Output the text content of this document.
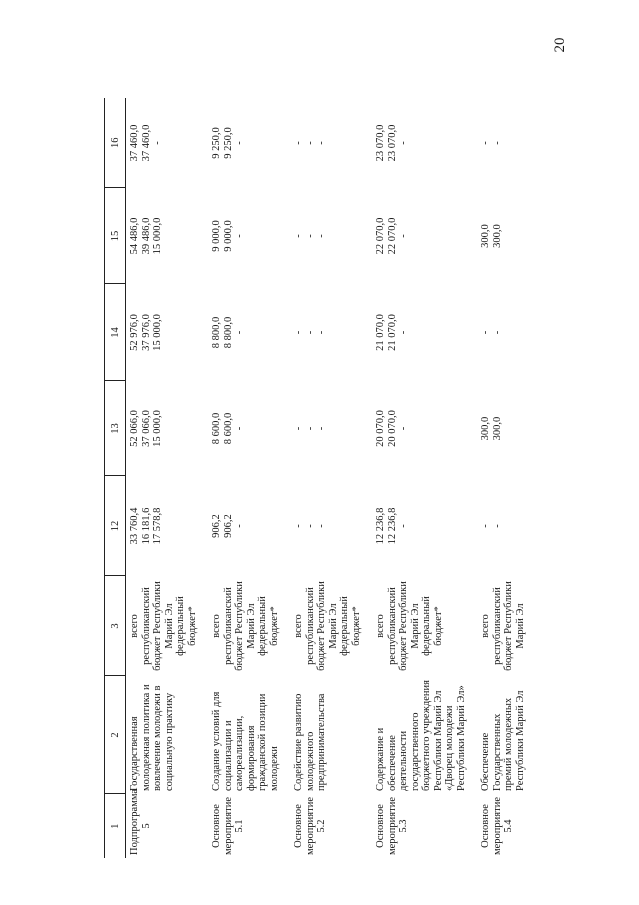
20
1	2	3	12	13	14	15	16
Подпрограмма 5	Государственная молодежная политика и вовлечение молодежи в социальную практику	всего республиканский бюджет Республики Марий Эл федеральный бюджет*	33 760,4 16 181,6 17 578,8	52 066,0 37 066,0 15 000,0	52 976,0 37 976,0 15 000,0	54 486,0 39 486,0 15 000,0	37 460,0 37 460,0 -

Основное мероприятие 5.1	Создание условий для социализации и самореализации, формирования гражданской позиции молодежи	всего республиканский бюджет Республики Марий Эл федеральный бюджет*	906,2 906,2 -	8 600,0 8 600,0 -	8 800,0 8 800,0 -	9 000,0 9 000,0 -	9 250,0 9 250,0 -

Основное мероприятие 5.2	Содействие развитию молодежного предпринимательства	всего республиканский бюджет Республики Марий Эл федеральный бюджет*	- - -	- - -	- - -	- - -	- - -

Основное мероприятие 5.3	Содержание и обеспечение деятельности государственного бюджетного учреждения Республики Марий Эл «Дворец молодежи Республики Марий Эл»	всего республиканский бюджет Республики Марий Эл федеральный бюджет*	12 236,8 12 236,8 -	20 070,0 20 070,0 -	21 070,0 21 070,0 -	22 070,0 22 070,0 -	23 070,0 23 070,0 -

Основное мероприятие 5.4	Обеспечение Государственных премий молодежных Республики Марий Эл	всего республиканский бюджет Республики Марий Эл	- -	300,0 300,0	- -	300,0 300,0	- -
